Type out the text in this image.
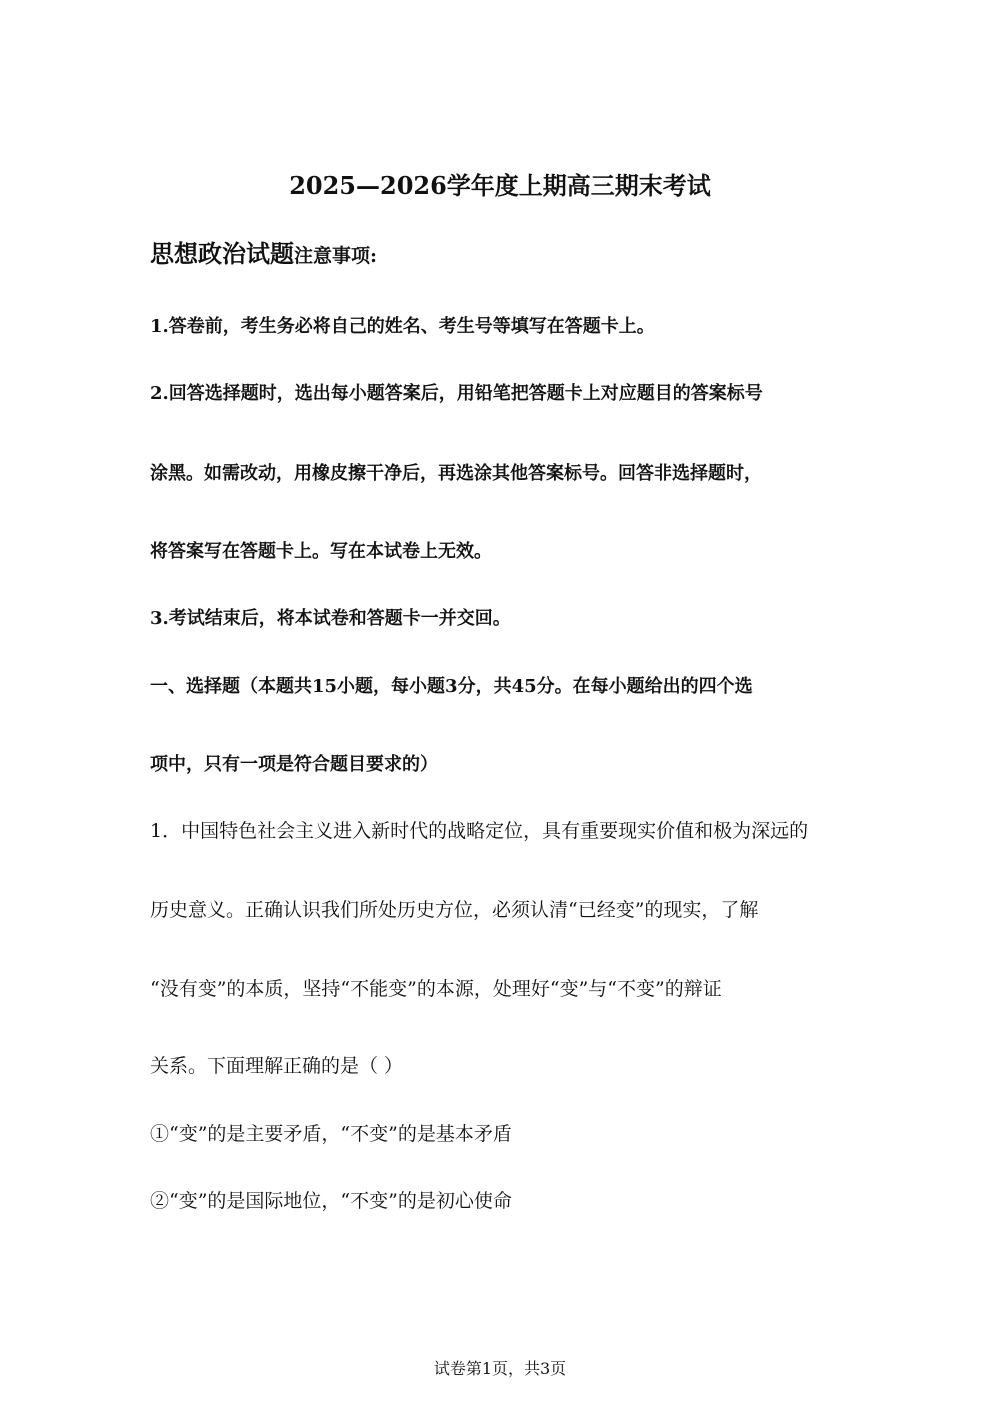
2025—2026学年度上期高三期末考试
思想政治试题注意事项:
1.答卷前，考生务必将自己的姓名、考生号等填写在答题卡上。
2.回答选择题时，选出每小题答案后，用铅笔把答题卡上对应题目的答案标号
涂黑。如需改动，用橡皮擦干净后，再选涂其他答案标号。回答非选择题时，
将答案写在答题卡上。写在本试卷上无效。
3.考试结束后，将本试卷和答题卡一并交回。
一、选择题（本题共15小题，每小题3分，共45分。在每小题给出的四个选
项中，只有一项是符合题目要求的）
1．中国特色社会主义进入新时代的战略定位，具有重要现实价值和极为深远的
历史意义。正确认识我们所处历史方位，必须认清“已经变”的现实，了解
“没有变”的本质，坚持“不能变”的本源，处理好“变”与“不变”的辩证
关系。下面理解正确的是（ ）
①“变”的是主要矛盾，“不变”的是基本矛盾
②“变”的是国际地位，“不变”的是初心使命
试卷第1页，共3页
